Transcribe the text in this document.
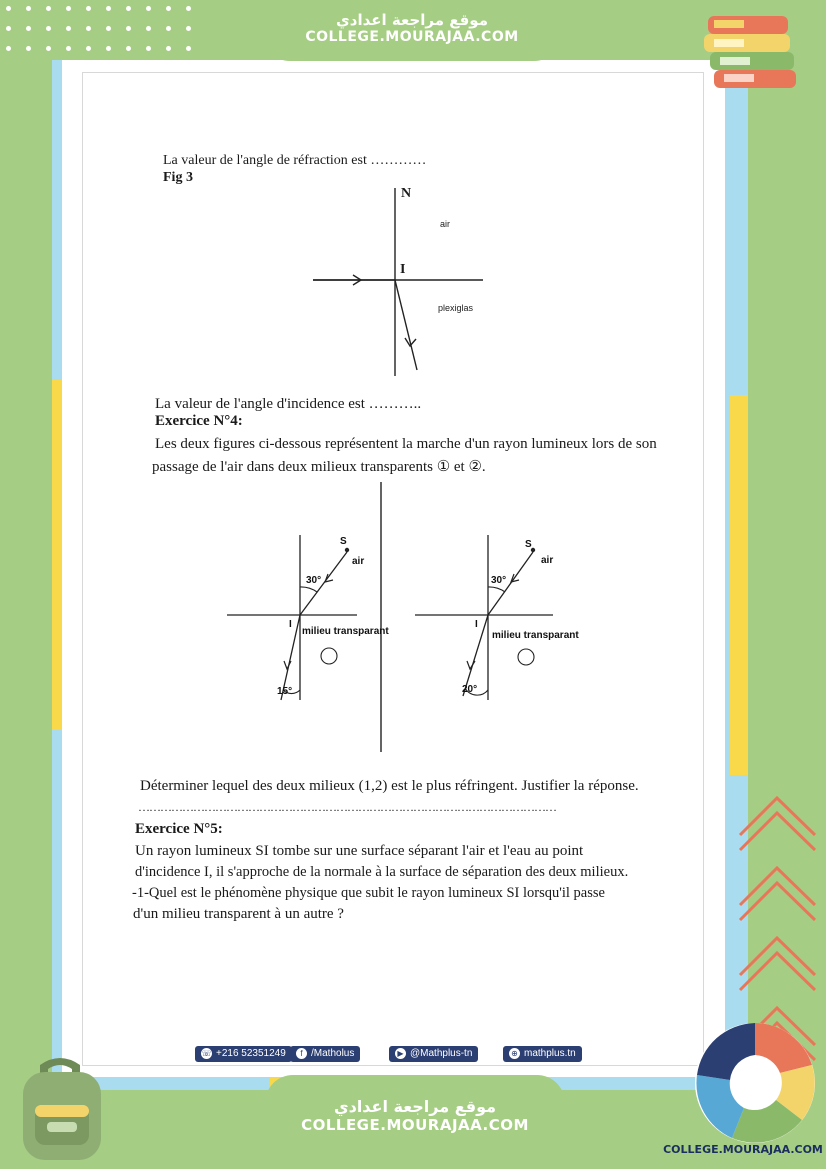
موقع مراجعة اعدادي
COLLEGE.MOURAJAA.COM
موقع مراجعة اعدادي
COLLEGE.MOURAJAA.COM
COLLEGE.MOURAJAA.COM
La valeur de l'angle de réfraction est …………
Fig 3
N
I
air
plexiglas
La valeur de l'angle d'incidence est ………..
Exercice N°4:
Les deux figures ci-dessous représentent la marche d'un rayon lumineux lors de son
passage de l'air dans deux milieux transparents ① et ②.
S
air
30°
I
milieu transparant
15°
S
air
30°
I
milieu transparant
20°
Déterminer lequel des deux milieux (1,2) est le plus réfringent. Justifier la réponse.
……………………………………………………………………………………………………
Exercice N°5:
Un rayon lumineux SI tombe sur une surface séparant l'air et l'eau au point
d'incidence I, il s'approche de la normale à la surface de séparation des deux milieux.
-1-Quel est le phénomène physique que subit le rayon lumineux SI lorsqu'il passe
d'un milieu transparent à un autre ?
☏ +216 52351249	f /Matholus	▶ @Mathplus-tn	⊕ mathplus.tn
